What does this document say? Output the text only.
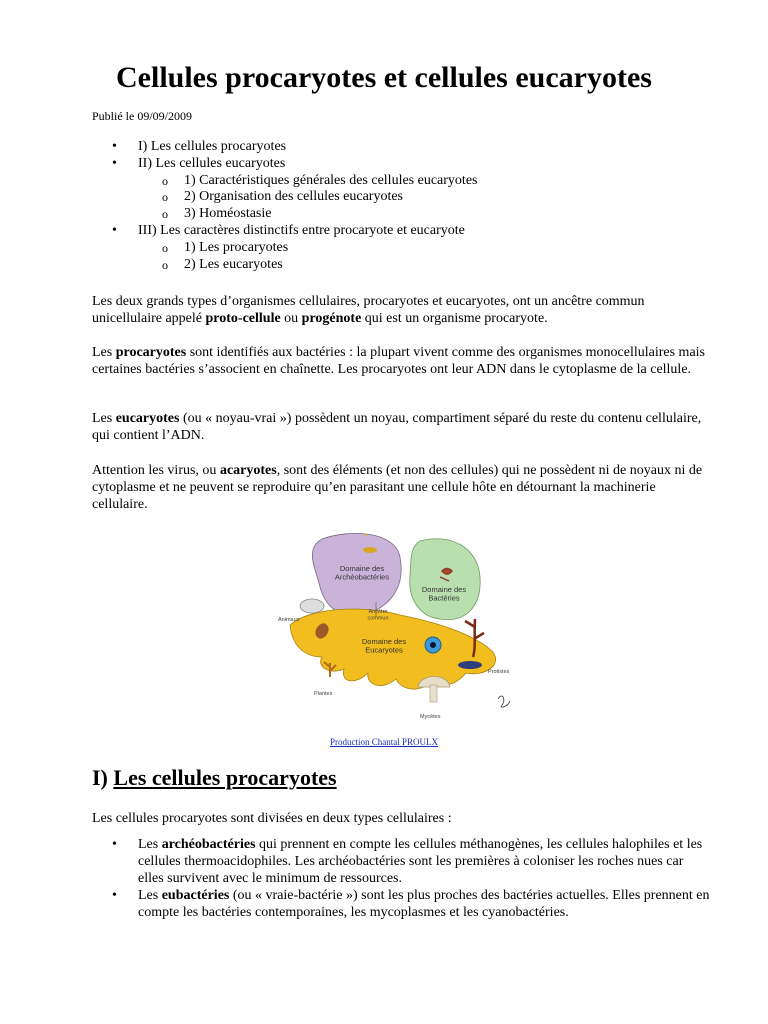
Cellules procaryotes et cellules eucaryotes

Publié le 09/09/2009

• I) Les cellules procaryotes
• II) Les cellules eucaryotes
o 1) Caractéristiques générales des cellules eucaryotes
o 2) Organisation des cellules eucaryotes
o 3) Homéostasie
• III) Les caractères distinctifs entre procaryote et eucaryote
o 1) Les procaryotes
o 2) Les eucaryotes

Les deux grands types d’organismes cellulaires, procaryotes et eucaryotes, ont un ancêtre commun unicellulaire appelé proto-cellule ou progénote qui est un organisme procaryote.

Les procaryotes sont identifiés aux bactéries : la plupart vivent comme des organismes monocellulaires mais certaines bactéries s’associent en chaînette. Les procaryotes ont leur ADN dans le cytoplasme de la cellule.

Les eucaryotes (ou « noyau-vrai ») possèdent un noyau, compartiment séparé du reste du contenu cellulaire, qui contient l’ADN.

Attention les virus, ou acaryotes, sont des éléments (et non des cellules) qui ne possèdent ni de noyaux ni de cytoplasme et ne peuvent se reproduire qu’en parasitant une cellule hôte en détournant la machinerie cellulaire.

••
Domaine des Archéobactéries
Domaine des Bactéries
Domaine des Eucaryotes
Ancêtre commun
Animaux
Plantes
Mycètes
Protistes
Production Chantal PROULX
I) Les cellules procaryotes

Les cellules procaryotes sont divisées en deux types cellulaires :

• Les archéobactéries qui prennent en compte les cellules méthanogènes, les cellules halophiles et les cellules thermoacidophiles. Les archéobactéries sont les premières à coloniser les roches nues car elles survivent avec le minimum de ressources.
• Les eubactéries (ou « vraie-bactérie ») sont les plus proches des bactéries actuelles. Elles prennent en compte les bactéries contemporaines, les mycoplasmes et les cyanobactéries.
